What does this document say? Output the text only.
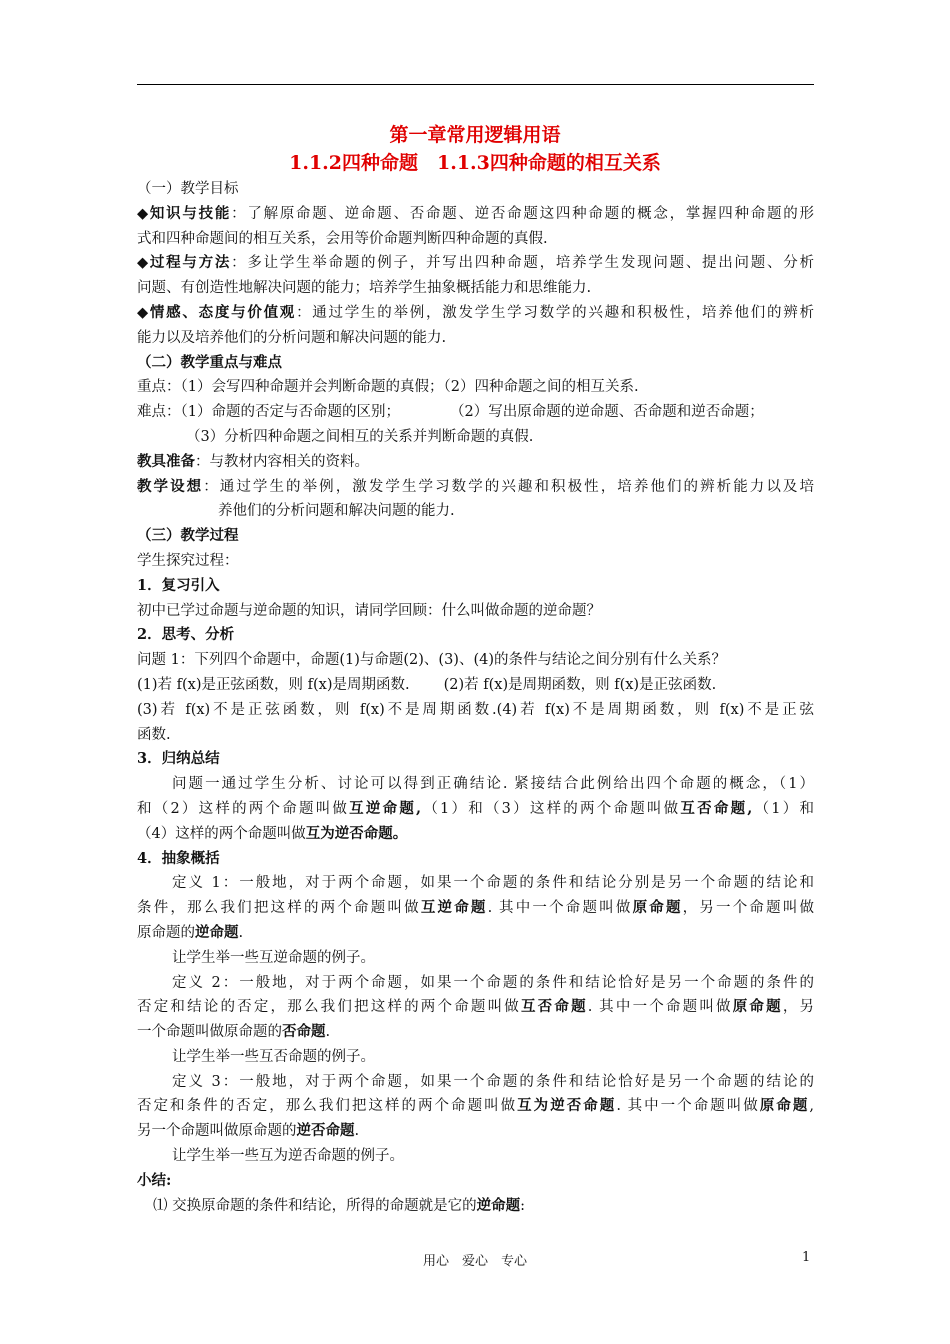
第一章常用逻辑用语
1.1.2四种命题　1.1.3四种命题的相互关系
（一）教学目标
◆知识与技能：了解原命题、逆命题、否命题、逆否命题这四种命题的概念，掌握四种命题的形
式和四种命题间的相互关系，会用等价命题判断四种命题的真假.
◆过程与方法：多让学生举命题的例子，并写出四种命题，培养学生发现问题、提出问题、分析
问题、有创造性地解决问题的能力；培养学生抽象概括能力和思维能力.
◆情感、态度与价值观：通过学生的举例，激发学生学习数学的兴趣和积极性，培养他们的辨析
能力以及培养他们的分析问题和解决问题的能力.
（二）教学重点与难点
重点：（1）会写四种命题并会判断命题的真假；（2）四种命题之间的相互关系.
难点：（1）命题的否定与否命题的区别；	（2）写出原命题的逆命题、否命题和逆否命题；
（3）分析四种命题之间相互的关系并判断命题的真假.
教具准备：与教材内容相关的资料。
教学设想：通过学生的举例，激发学生学习数学的兴趣和积极性，培养他们的辨析能力以及培
养他们的分析问题和解决问题的能力.
（三）教学过程
学生探究过程：
1．复习引入
初中已学过命题与逆命题的知识，请同学回顾：什么叫做命题的逆命题？
2．思考、分析
问题 1：下列四个命题中，命题(1)与命题(2)、(3)、(4)的条件与结论之间分别有什么关系？
(1)若 f(x)是正弦函数，则 f(x)是周期函数. (2)若 f(x)是周期函数，则 f(x)是正弦函数.
(3)若 f(x)不是正弦函数，则 f(x)不是周期函数.(4)若 f(x)不是周期函数，则 f(x)不是正弦
函数.
3．归纳总结
问题一通过学生分析、讨论可以得到正确结论. 紧接结合此例给出四个命题的概念，（1）
和（2）这样的两个命题叫做互逆命题,（1）和（3）这样的两个命题叫做互否命题,（1）和
（4）这样的两个命题叫做互为逆否命题。
4．抽象概括
定义 1：一般地，对于两个命题，如果一个命题的条件和结论分别是另一个命题的结论和
条件，那么我们把这样的两个命题叫做互逆命题. 其中一个命题叫做原命题，另一个命题叫做
原命题的逆命题.
让学生举一些互逆命题的例子。
定义 2：一般地，对于两个命题，如果一个命题的条件和结论恰好是另一个命题的条件的
否定和结论的否定，那么我们把这样的两个命题叫做互否命题. 其中一个命题叫做原命题，另
一个命题叫做原命题的否命题.
让学生举一些互否命题的例子。
定义 3：一般地，对于两个命题，如果一个命题的条件和结论恰好是另一个命题的结论的
否定和条件的否定，那么我们把这样的两个命题叫做互为逆否命题. 其中一个命题叫做原命题,
另一个命题叫做原命题的逆否命题.
让学生举一些互为逆否命题的例子。
小结:
⑴ 交换原命题的条件和结论，所得的命题就是它的逆命题:
用心　爱心　专心	1
